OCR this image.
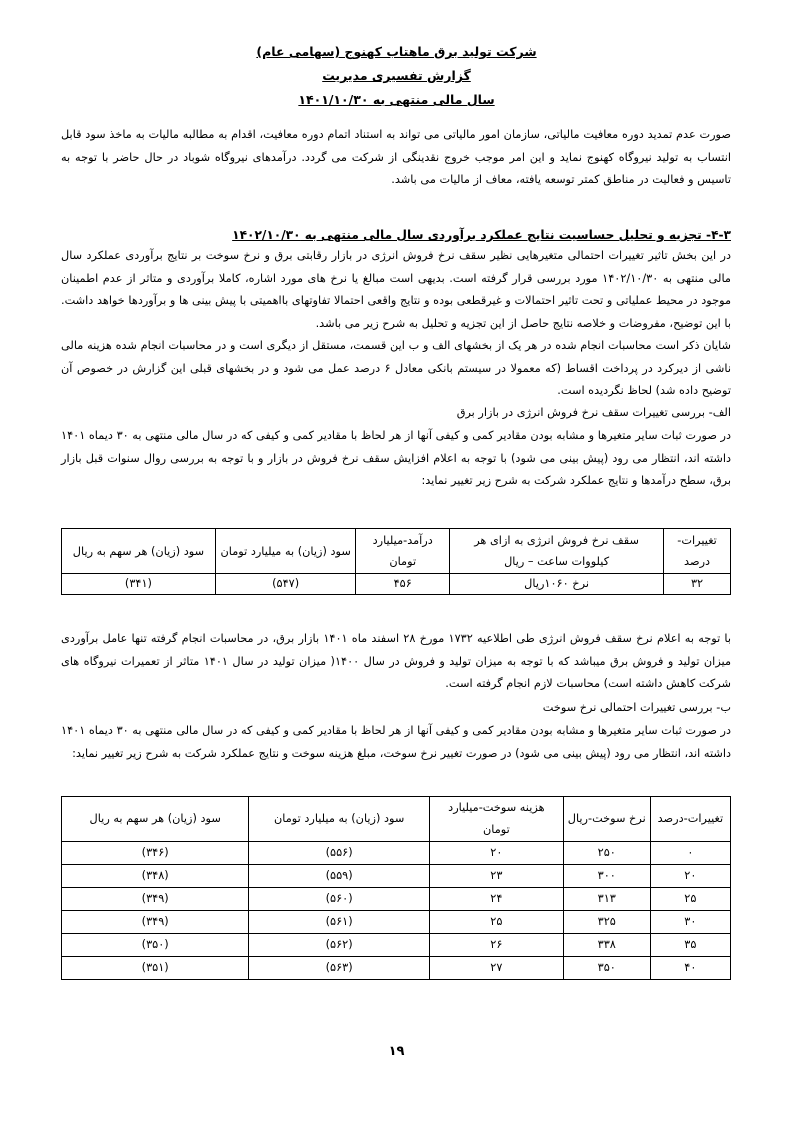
شرکت تولید برق ماهتاب کهنوج (سهامی عام)
گزارش تفسیری مدیریت
سال مالی منتهی به ۱۴۰۱/۱۰/۳۰

صورت عدم تمدید دوره معافیت مالیاتی، سازمان امور مالیاتی می تواند به استناد اتمام دوره معافیت، اقدام به مطالبه مالیات به ماخذ سود قابل انتساب به تولید نیروگاه کهنوج نماید و این امر موجب خروج نقدینگی از شرکت می گردد. درآمدهای نیروگاه شوباد در حال حاضر با توجه به تاسیس و فعالیت در مناطق کمتر توسعه یافته، معاف از مالیات می باشد.

۴-۳- تجزیه و تحلیل حساسیت نتایج عملکرد برآوردی سال مالی منتهی به ۱۴۰۲/۱۰/۳۰

در این بخش تاثیر تغییرات احتمالی متغیرهایی نظیر سقف نرخ فروش انرژی در بازار رقابتی برق و نرخ سوخت بر نتایج برآوردی عملکرد سال مالی منتهی به ۱۴۰۲/۱۰/۳۰ مورد بررسی قرار گرفته است. بدیهی است مبالغ یا نرخ های مورد اشاره، کاملا برآوردی و متاثر از عدم اطمینان موجود در محیط عملیاتی و تحت تاثیر احتمالات و غیرقطعی بوده و نتایج واقعی احتمالا تفاوتهای بااهمیتی با پیش بینی ها و برآوردها خواهد داشت. با این توضیح، مفروضات و خلاصه نتایج حاصل از این تجزیه و تحلیل به شرح زیر می باشد.

شایان ذکر است محاسبات انجام شده در هر یک از بخشهای الف و ب این قسمت، مستقل از دیگری است و در محاسبات انجام شده هزینه مالی ناشی از دیرکرد در پرداخت اقساط (که معمولا در سیستم بانکی معادل ۶ درصد عمل می شود و در بخشهای قبلی این گزارش در خصوص آن توضیح داده شد) لحاظ نگردیده است.

الف- بررسی تغییرات سقف نرخ فروش انرژی در بازار برق

در صورت ثبات سایر متغیرها و مشابه بودن مقادیر کمی و کیفی آنها از هر لحاظ با مقادیر کمی و کیفی که در سال مالی منتهی به ۳۰ دیماه ۱۴۰۱ داشته اند، انتظار می رود (پیش بینی می شود) با توجه به اعلام افزایش سقف نرخ فروش در بازار و با توجه به بررسی روال سنوات قبل بازار برق، سطح درآمدها و نتایج عملکرد شرکت به شرح زیر تغییر نماید:

تغییرات- درصد	سقف نرخ فروش انرژی به ازای هر کیلووات ساعت – ریال	درآمد-میلیارد تومان	سود (زیان) به میلیارد تومان	سود (زیان) هر سهم به ریال
۳۲	نرخ ۱۰۶۰ریال	۴۵۶	(۵۴۷)	(۳۴۱)

با توجه به اعلام نرخ سقف فروش انرژی طی اطلاعیه ۱۷۳۲ مورخ ۲۸ اسفند ماه ۱۴۰۱ بازار برق، در محاسبات انجام گرفته تنها عامل برآوردی میزان تولید و فروش برق میباشد که با توجه به میزان تولید و فروش در سال ۱۴۰۰( میزان تولید در سال ۱۴۰۱ متاثر از تعمیرات نیروگاه های شرکت کاهش داشته است) محاسبات لازم انجام گرفته است.

ب- بررسی تغییرات احتمالی نرخ سوخت

در صورت ثبات سایر متغیرها و مشابه بودن مقادیر کمی و کیفی آنها از هر لحاظ با مقادیر کمی و کیفی که در سال مالی منتهی به ۳۰ دیماه ۱۴۰۱ داشته اند، انتظار می رود (پیش بینی می شود) در صورت تغییر نرخ سوخت، مبلغ هزینه سوخت و نتایج عملکرد شرکت به شرح زیر تغییر نماید:

تغییرات-درصد	نرخ سوخت-ریال	هزینه سوخت-میلیارد تومان	سود (زیان) به میلیارد تومان	سود (زیان) هر سهم به ریال
۰	۲۵۰	۲۰	(۵۵۶)	(۳۴۶)
۲۰	۳۰۰	۲۳	(۵۵۹)	(۳۴۸)
۲۵	۳۱۳	۲۴	(۵۶۰)	(۳۴۹)
۳۰	۳۲۵	۲۵	(۵۶۱)	(۳۴۹)
۳۵	۳۳۸	۲۶	(۵۶۲)	(۳۵۰)
۴۰	۳۵۰	۲۷	(۵۶۳)	(۳۵۱)
۱۹
